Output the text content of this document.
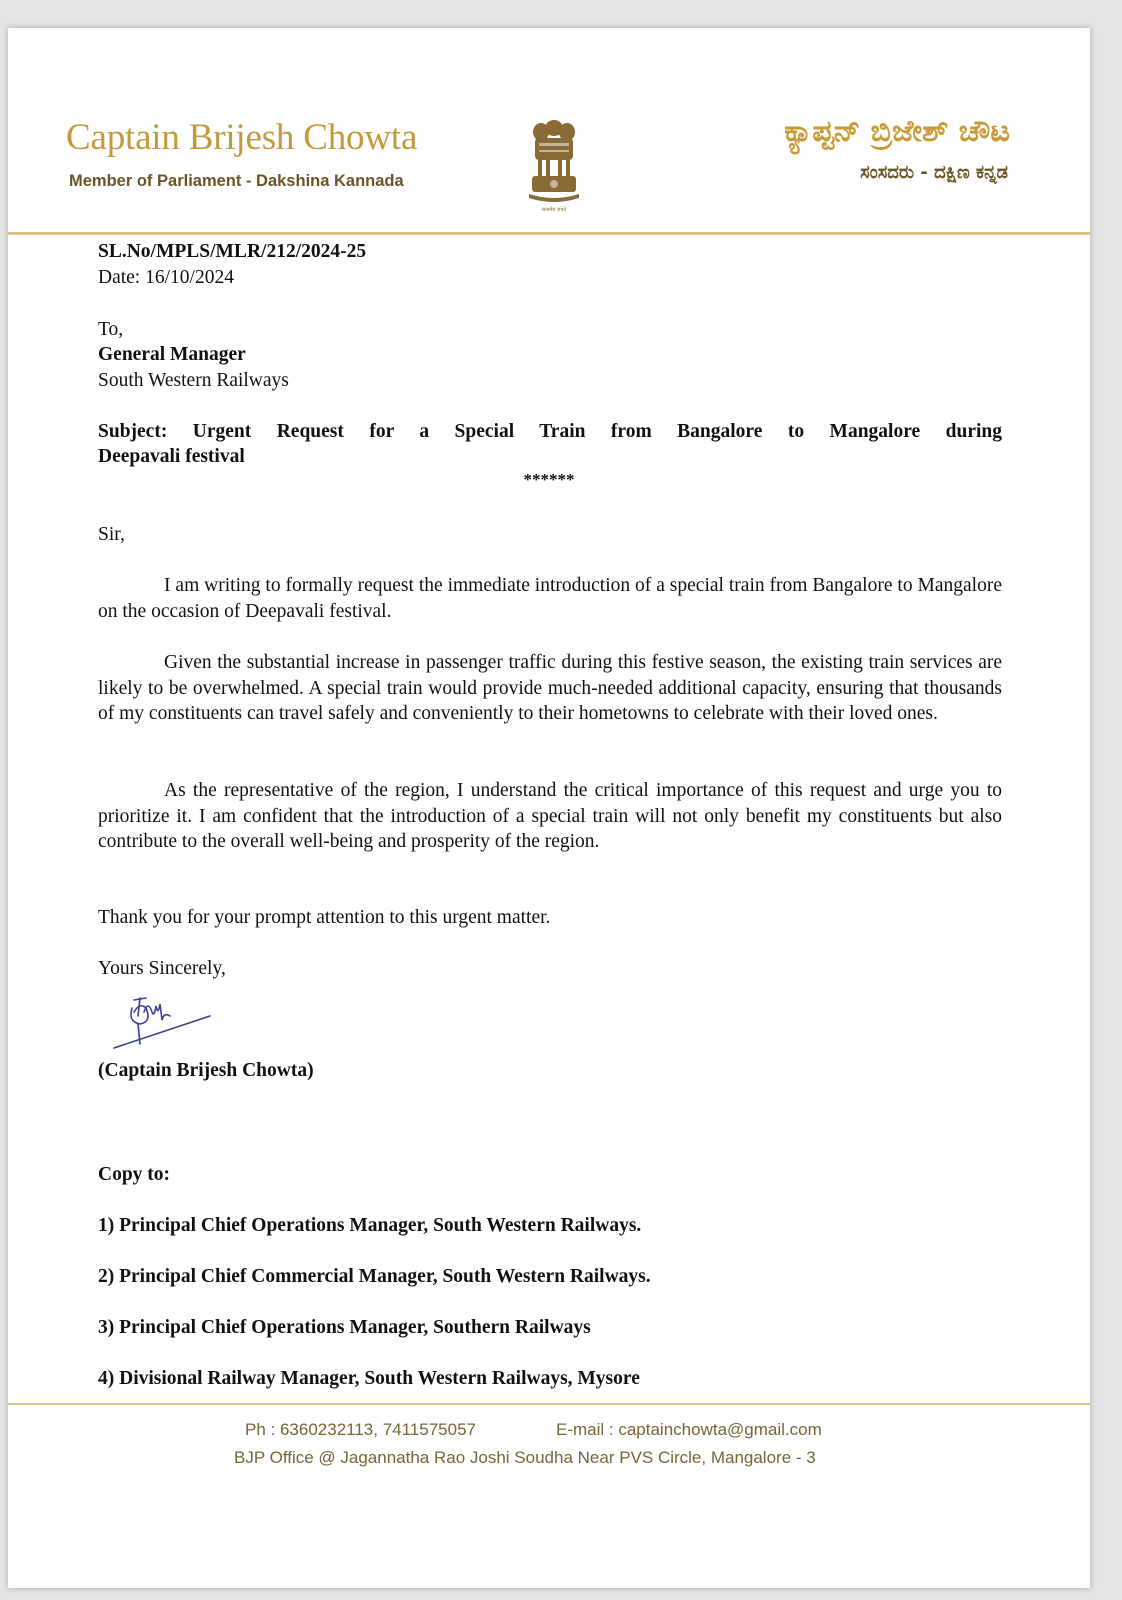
Captain Brijesh Chowta
Member of Parliament - Dakshina Kannada
सत्यमेव जयते
ಕ್ಯಾಪ್ಟನ್ ಬ್ರಿಜೇಶ್ ಚೌಟ
ಸಂಸದರು - ದಕ್ಷಿಣ ಕನ್ನಡ
SL.No/MPLS/MLR/212/2024-25
Date: 16/10/2024
To,
General Manager
South Western Railways
Subject: Urgent Request for a Special Train from Bangalore to Mangalore during
Deepavali festival
******
Sir,
I am writing to formally request the immediate introduction of a special train from Bangalore to Mangalore on the occasion of Deepavali festival.
Given the substantial increase in passenger traffic during this festive season, the existing train services are likely to be overwhelmed. A special train would provide much-needed additional capacity, ensuring that thousands of my constituents can travel safely and conveniently to their hometowns to celebrate with their loved ones.
As the representative of the region, I understand the critical importance of this request and urge you to prioritize it. I am confident that the introduction of a special train will not only benefit my constituents but also contribute to the overall well-being and prosperity of the region.
Thank you for your prompt attention to this urgent matter.
Yours Sincerely,
(Captain Brijesh Chowta)
Copy to:
1) Principal Chief Operations Manager, South Western Railways.
2) Principal Chief Commercial Manager, South Western Railways.
3) Principal Chief Operations Manager, Southern Railways
4) Divisional Railway Manager, South Western Railways, Mysore
Ph : 6360232113, 7411575057	E-mail : captainchowta@gmail.com
BJP Office @ Jagannatha Rao Joshi Soudha Near PVS Circle, Mangalore - 3
